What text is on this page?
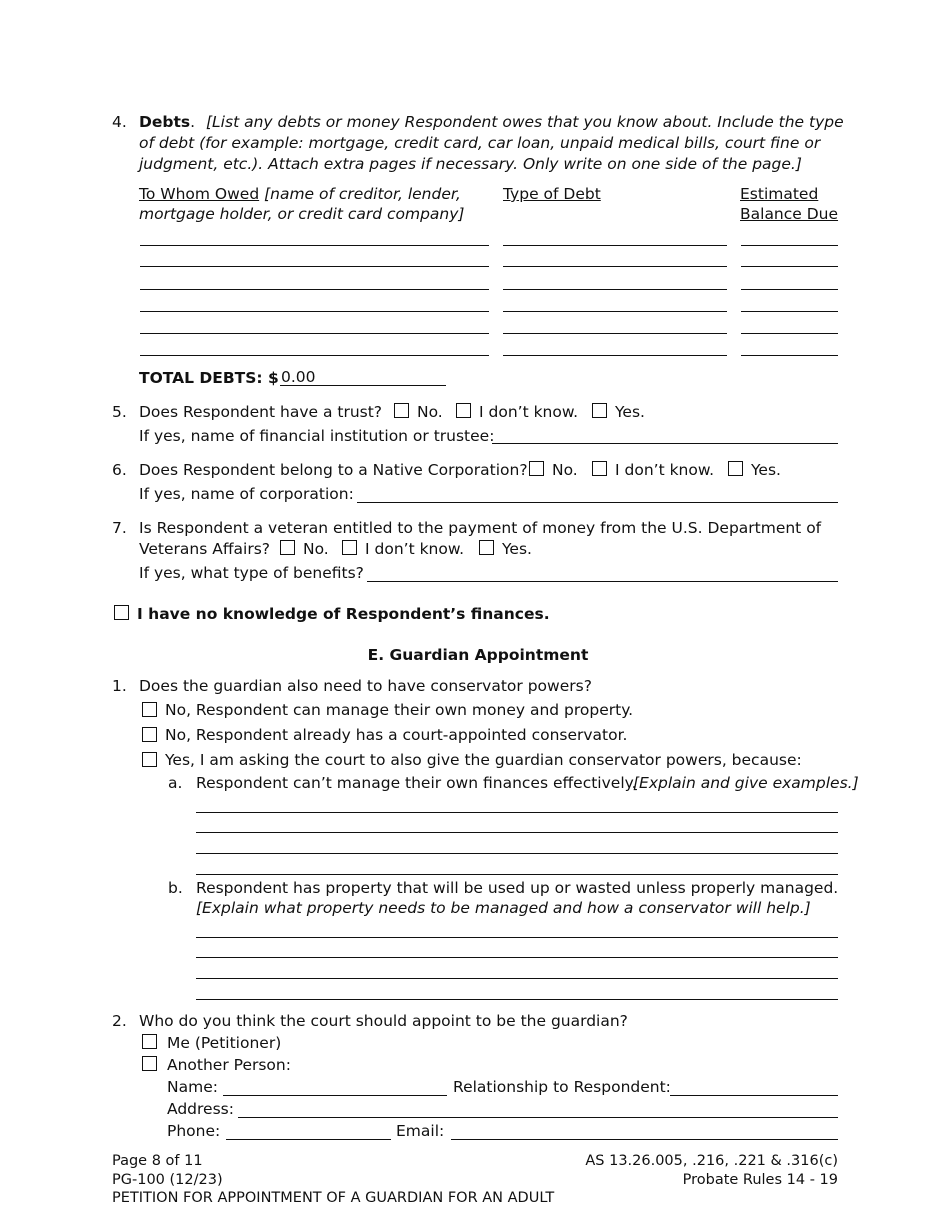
4. Debts. [List any debts or money Respondent owes that you know about. Include the type
of debt (for example: mortgage, credit card, car loan, unpaid medical bills, court fine or
judgment, etc.). Attach extra pages if necessary. Only write on one side of the page.]
To Whom Owed [name of creditor, lender,
mortgage holder, or credit card company]
Type of Debt	Estimated
Balance Due
TOTAL DEBTS: $ 0.00
5. Does Respondent have a trust? No. I don’t know. Yes.
If yes, name of financial institution or trustee:
6. Does Respondent belong to a Native Corporation? No. I don’t know. Yes.
If yes, name of corporation:
7. Is Respondent a veteran entitled to the payment of money from the U.S. Department of
Veterans Affairs? No. I don’t know. Yes.
If yes, what type of benefits?
I have no knowledge of Respondent’s finances.
E. Guardian Appointment
1. Does the guardian also need to have conservator powers?
No, Respondent can manage their own money and property.
No, Respondent already has a court-appointed conservator.
Yes, I am asking the court to also give the guardian conservator powers, because:
a. Respondent can’t manage their own finances effectively.
[Explain and give examples.]
b. Respondent has property that will be used up or wasted unless properly managed.
[Explain what property needs to be managed and how a conservator will help.]
2. Who do you think the court should appoint to be the guardian?
Me (Petitioner)
Another Person:
Name:	Relationship to Respondent:
Address:
Phone:	Email:
Page 8 of 11
PG-100 (12/23)
PETITION FOR APPOINTMENT OF A GUARDIAN FOR AN ADULT
AS 13.26.005, .216, .221 & .316(c)
Probate Rules 14 - 19
